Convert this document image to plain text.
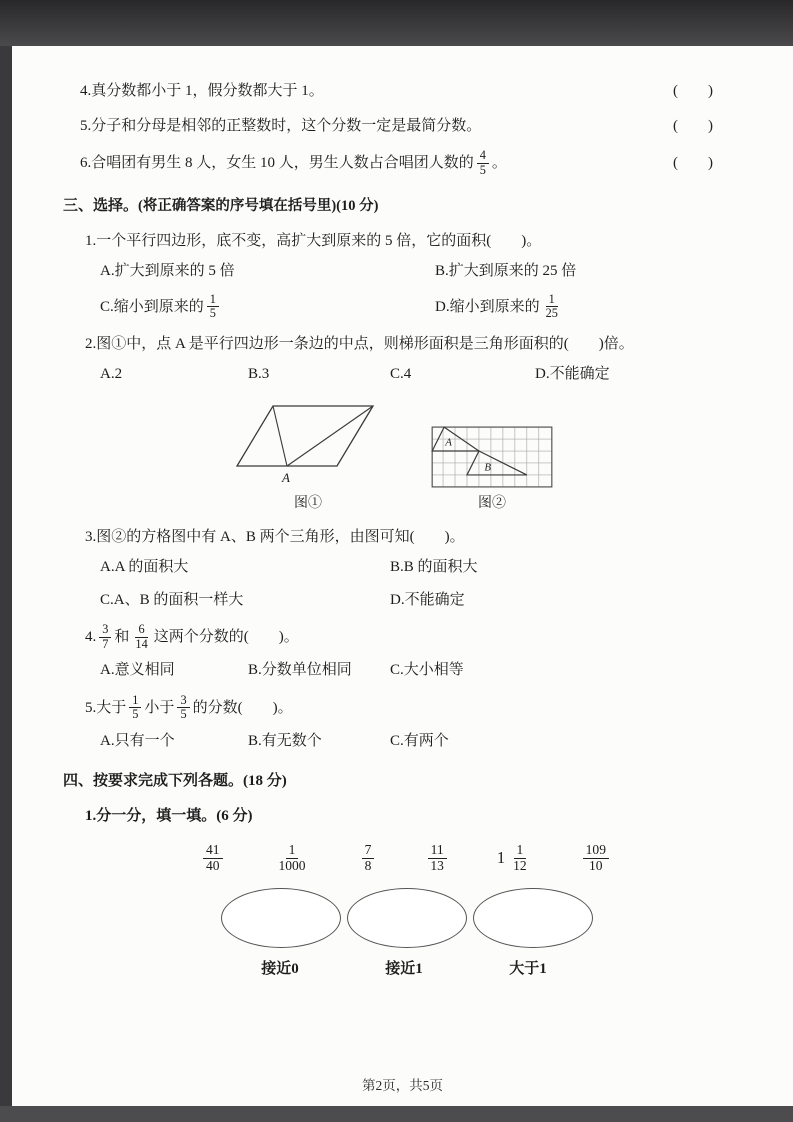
4.真分数都小于 1，假分数都大于 1。	(　　)
5.分子和分母是相邻的正整数时，这个分数一定是最简分数。	(　　)
6.合唱团有男生 8 人，女生 10 人，男生人数占合唱团人数的 $\frac{4}{5}$ 。	(　　)
三、选择。(将正确答案的序号填在括号里)(10 分)
1.一个平行四边形，底不变，高扩大到原来的 5 倍，它的面积(　　)。
A.扩大到原来的 5 倍	B.扩大到原来的 25 倍
C.缩小到原来的 $\frac{1}{5}$	D.缩小到原来的 $\frac{1}{25}$
2.图①中，点 A 是平行四边形一条边的中点，则梯形面积是三角形面积的(　　)倍。
A.2	B.3	C.4	D.不能确定
A
图①
A
B
图②
3.图②的方格图中有 A、B 两个三角形，由图可知(　　)。
A.A 的面积大	B.B 的面积大
C.A、B 的面积一样大	D.不能确定
4. $\frac{3}{7}$ 和 $\frac{6}{14}$ 这两个分数的(　　)。
A.意义相同	B.分数单位相同	C.大小相等
5.大于 $\frac{1}{5}$ 小于 $\frac{3}{5}$ 的分数(　　)。
A.只有一个	B.有无数个	C.有两个
四、按要求完成下列各题。(18 分)
1.分一分，填一填。(6 分)
$\frac{41}{40}$	$\frac{1}{1000}$	$\frac{7}{8}$	$\frac{11}{13}$	$1 \frac{1}{12}$	$\frac{109}{10}$
接近0	接近1	大于1
第2页，共5页
